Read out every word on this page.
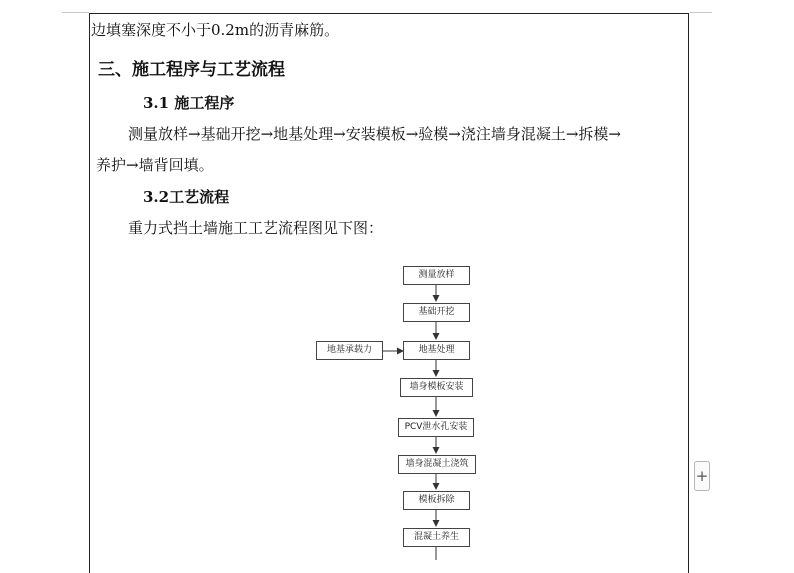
边填塞深度不小于0.2m的沥青麻筋。
三、施工程序与工艺流程
3.1 施工程序
测量放样→基础开挖→地基处理→安装模板→验模→浇注墙身混凝土→拆模→
养护→墙背回填。
3.2工艺流程
重力式挡土墙施工工艺流程图见下图：
测量放样
基础开挖
地基处理
地基承载力
墙身模板安装
PCV泄水孔安装
墙身混凝土浇筑
模板拆除
混凝土养生
+
